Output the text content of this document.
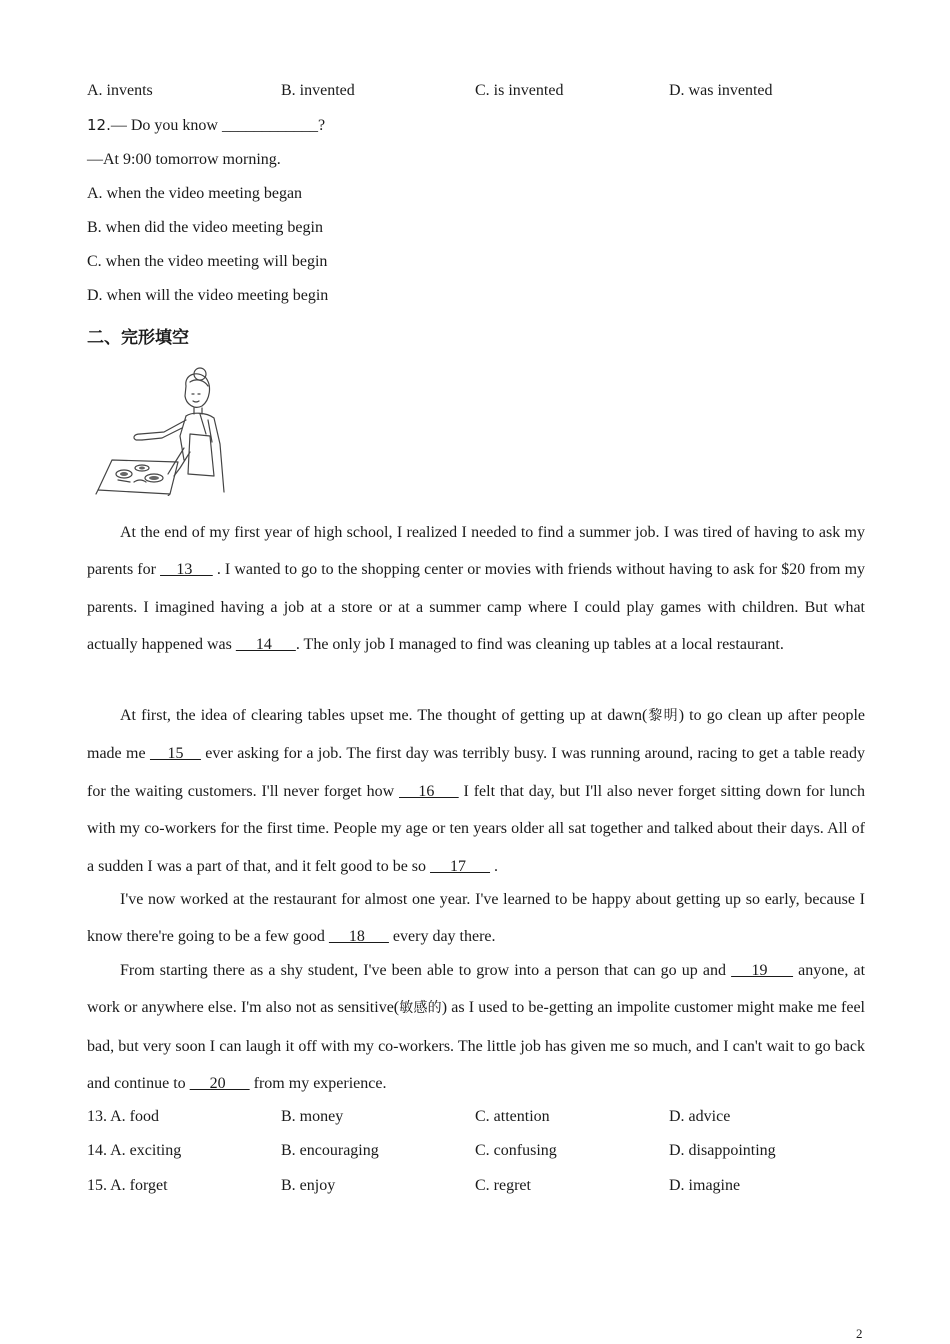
A. invents	B. invented	C. is invented	D. was invented
12.— Do you know ____________?
—At 9:00 tomorrow morning.
A. when the video meeting began
B. when did the video meeting begin
C. when the video meeting will begin
D. when will the video meeting begin
二、完形填空

At the end of my first year of high school, I realized I needed to find a summer job. I was tired of having to ask my parents for     13      . I wanted to go to the shopping center or movies with friends without having to ask for $20 from my parents. I imagined having a job at a store or at a summer camp where I could play games with children. But what actually happened was      14      . The only job I managed to find was cleaning up tables at a local restaurant.

At first, the idea of clearing tables upset me. The thought of getting up at dawn(黎明) to go clean up after people made me     15     ever asking for a job. The first day was terribly busy. I was running around, racing to get a table ready for the waiting customers. I'll never forget how     16      I felt that day, but I'll also never forget sitting down for lunch with my co-workers for the first time. People my age or ten years older all sat together and talked about their days. All of a sudden I was a part of that, and it felt good to be so      17       .

I've now worked at the restaurant for almost one year. I've learned to be happy about getting up so early, because I know there're going to be a few good      18       every day there.

From starting there as a shy student, I've been able to grow into a person that can go up and     19      anyone, at work or anywhere else. I'm also not as sensitive(敏感的) as I used to be-getting an impolite customer might make me feel bad, but very soon I can laugh it off with my co-workers. The little job has given me so much, and I can't wait to go back and continue to      20       from my experience.

13. A. food	B. money	C. attention	D. advice
14. A. exciting	B. encouraging	C. confusing	D. disappointing
15. A. forget	B. enjoy	C. regret	D. imagine
2
